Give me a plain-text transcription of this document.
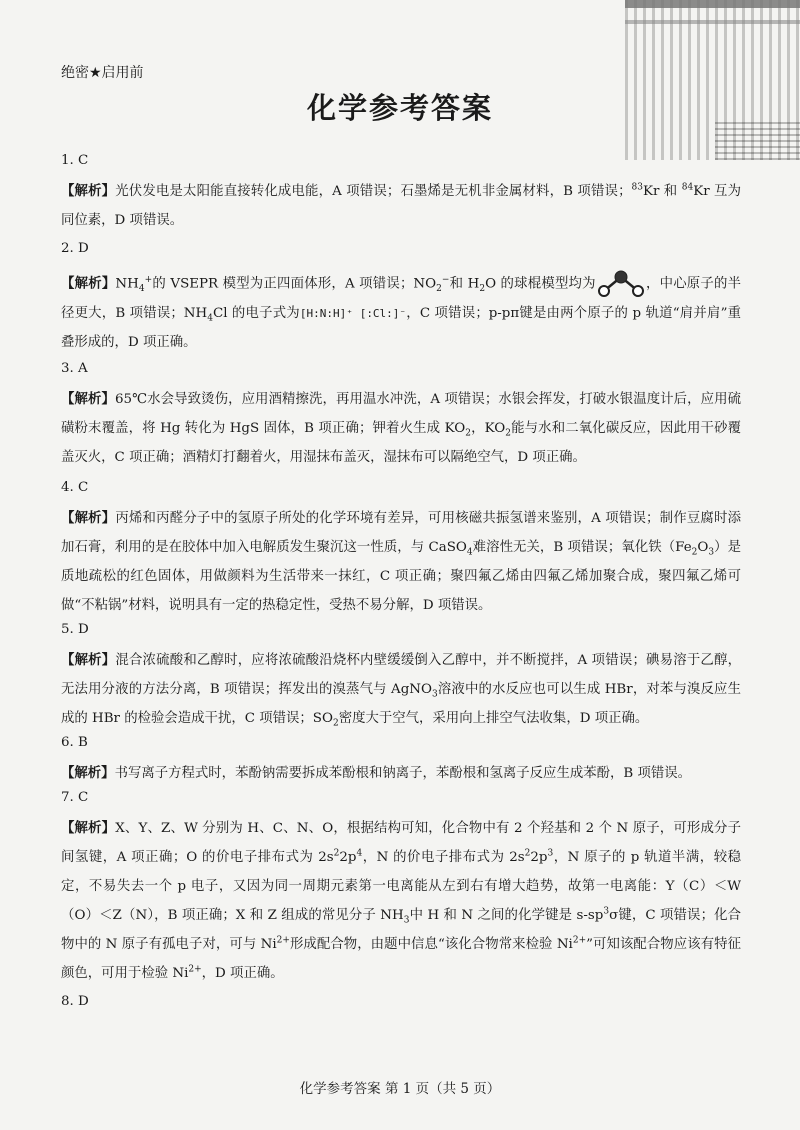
绝密★启用前
化学参考答案
1. C

【解析】光伏发电是太阳能直接转化成电能，A 项错误；石墨烯是无机非金属材料，B 项错误；$^{83}$Kr 和 $^{84}$Kr 互为同位素，D 项错误。

2. D

【解析】$NH_4^+$的 VSEPR 模型为正四面体形，A 项错误；$NO_2^-$和 $H_2O$ 的球棍模型均为	，中心原子的半径更大，B 项错误；$NH_4Cl$ 的电子式为[H:N:H]⁺ [:Cl:]⁻，C 项错误；p-pπ键是由两个原子的 p 轨道“肩并肩”重叠形成的，D 项正确。

3. A

【解析】65℃水会导致烫伤，应用酒精擦洗，再用温水冲洗，A 项错误；水银会挥发，打破水银温度计后，应用硫磺粉末覆盖，将 Hg 转化为 HgS 固体，B 项正确；钾着火生成 $KO_2$，$KO_2$能与水和二氧化碳反应，因此用干砂覆盖灭火，C 项正确；酒精灯打翻着火，用湿抹布盖灭，湿抹布可以隔绝空气，D 项正确。

4. C

【解析】丙烯和丙醛分子中的氢原子所处的化学环境有差异，可用核磁共振氢谱来鉴别，A 项错误；制作豆腐时添加石膏，利用的是在胶体中加入电解质发生聚沉这一性质，与 CaSO$_4$难溶性无关，B 项错误；氧化铁$(Fe_2O_3)$是质地疏松的红色固体，用做颜料为生活带来一抹红，C 项正确；聚四氟乙烯由四氟乙烯加聚合成，聚四氟乙烯可做“不粘锅”材料，说明具有一定的热稳定性，受热不易分解，D 项错误。

5. D

【解析】混合浓硫酸和乙醇时，应将浓硫酸沿烧杯内壁缓缓倒入乙醇中，并不断搅拌，A 项错误；碘易溶于乙醇，无法用分液的方法分离，B 项错误；挥发出的溴蒸气与 AgNO$_3$溶液中的水反应也可以生成 HBr，对苯与溴反应生成的 HBr 的检验会造成干扰，C 项错误；$SO_2$密度大于空气，采用向上排空气法收集，D 项正确。

6. B

【解析】书写离子方程式时，苯酚钠需要拆成苯酚根和钠离子，苯酚根和氢离子反应生成苯酚，B 项错误。

7. C

【解析】X、Y、Z、W 分别为 H、C、N、O，根据结构可知，化合物中有 2 个羟基和 2 个 N 原子，可形成分子间氢键，A 项正确；O 的价电子排布式为 $2s^22p^4$，N 的价电子排布式为 $2s^22p^3$，N 原子的 p 轨道半满，较稳定，不易失去一个 p 电子，又因为同一周期元素第一电离能从左到右有增大趋势，故第一电离能：Y（C）＜W（O）＜Z（N），B 项正确；X 和 Z 组成的常见分子 $NH_3$中 H 和 N 之间的化学键是 $s-sp^3\sigma$键，C 项错误；化合物中的 N 原子有孤电子对，可与 $Ni^{2+}$形成配合物，由题中信息“该化合物常来检验 $Ni^{2+}$”可知该配合物应该有特征颜色，可用于检验 $Ni^{2+}$，D 项正确。

8. D
化学参考答案 第 1 页（共 5 页）
